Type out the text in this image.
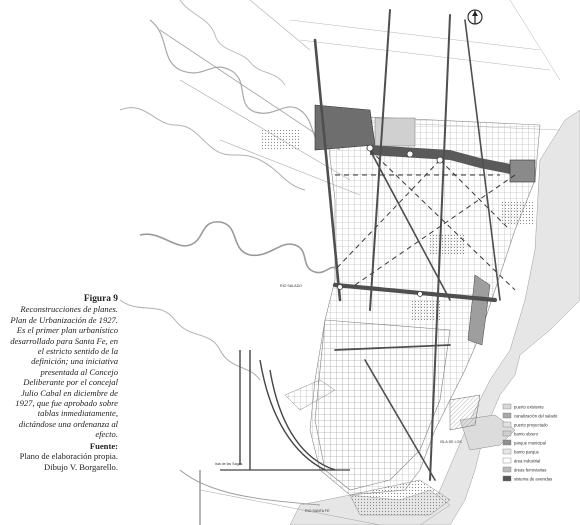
Figura 9
Reconstrucciones de planes. Plan de Urbanización de 1927. Es el primer plan urbanístico desarrollado para Santa Fe, en el estricto sentido de la definición; una iniciativa presentada al Concejo Deliberante por el concejal Julio Cabal en diciembre de 1927, que fue aprobado sobre tablas inmediatamente, dictándose una ordenanza al efecto.
Fuente:
Plano de elaboración propia. Dibujo V. Borgarello.
RIO SALADO
Isla de las Sagas
RIO SANTA FE
ISLA DE LOS
puerto existente
canalización del salado
puerto proyectado
barrio obrero
parque municipal
barrio parque
área industrial
áreas ferroviarias
sistema de avenidas
